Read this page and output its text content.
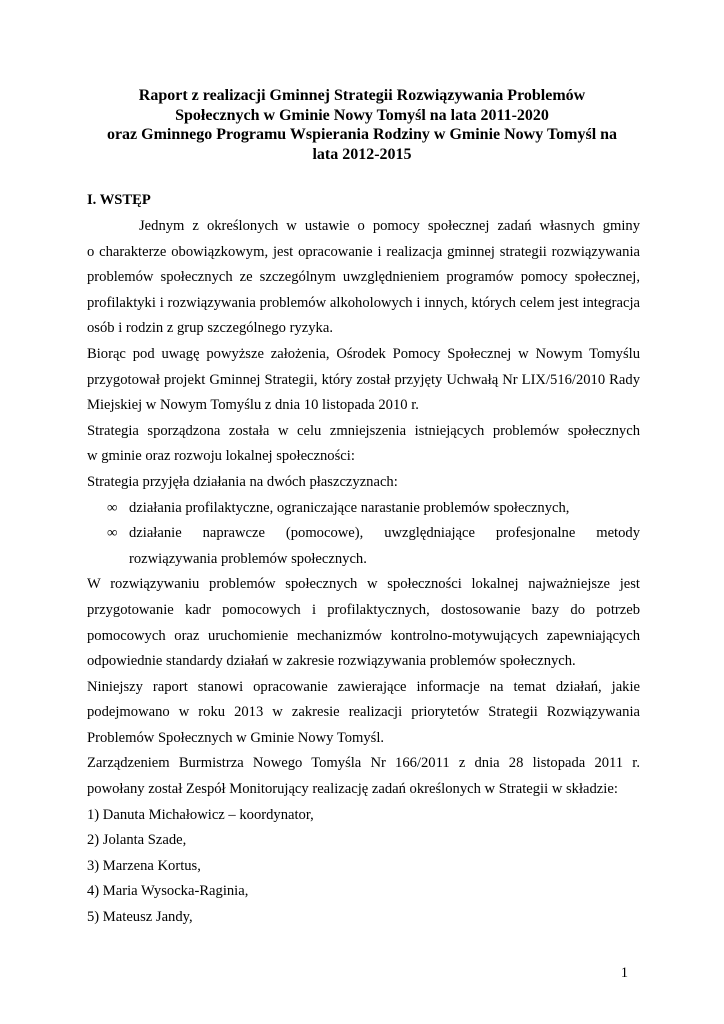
Raport z realizacji Gminnej Strategii Rozwiązywania Problemów
Społecznych w Gminie Nowy Tomyśl na lata 2011-2020
oraz Gminnego Programu Wspierania Rodziny w Gminie Nowy Tomyśl na
lata 2012-2015
I. WSTĘP
Jednym z określonych w ustawie o pomocy społecznej zadań własnych gminy
o charakterze obowiązkowym, jest opracowanie i realizacja gminnej strategii rozwiązywania
problemów społecznych ze szczególnym uwzględnieniem programów pomocy społecznej,
profilaktyki i rozwiązywania problemów alkoholowych i innych, których celem jest integracja
osób i rodzin z grup szczególnego ryzyka.
Biorąc pod uwagę powyższe założenia, Ośrodek Pomocy Społecznej w Nowym Tomyślu
przygotował projekt Gminnej Strategii, który został przyjęty Uchwałą Nr LIX/516/2010 Rady
Miejskiej w Nowym Tomyślu z dnia 10 listopada 2010 r.
Strategia sporządzona została w celu zmniejszenia istniejących problemów społecznych
w gminie oraz rozwoju lokalnej społeczności:
Strategia przyjęła działania na dwóch płaszczyznach:
∞ działania profilaktyczne, ograniczające narastanie problemów społecznych,
∞ działanie naprawcze (pomocowe), uwzględniające profesjonalne metody
rozwiązywania problemów społecznych.
W rozwiązywaniu problemów społecznych w społeczności lokalnej najważniejsze jest
przygotowanie kadr pomocowych i profilaktycznych, dostosowanie bazy do potrzeb
pomocowych oraz uruchomienie mechanizmów kontrolno-motywujących zapewniających
odpowiednie standardy działań w zakresie rozwiązywania problemów społecznych.
Niniejszy raport stanowi opracowanie zawierające informacje na temat działań, jakie
podejmowano w roku 2013 w zakresie realizacji priorytetów Strategii Rozwiązywania
Problemów Społecznych w Gminie Nowy Tomyśl.
Zarządzeniem Burmistrza Nowego Tomyśla Nr 166/2011 z dnia 28 listopada 2011 r.
powołany został Zespół Monitorujący realizację zadań określonych w Strategii w składzie:
1) Danuta Michałowicz – koordynator,
2) Jolanta Szade,
3) Marzena Kortus,
4) Maria Wysocka-Raginia,
5) Mateusz Jandy,
1
